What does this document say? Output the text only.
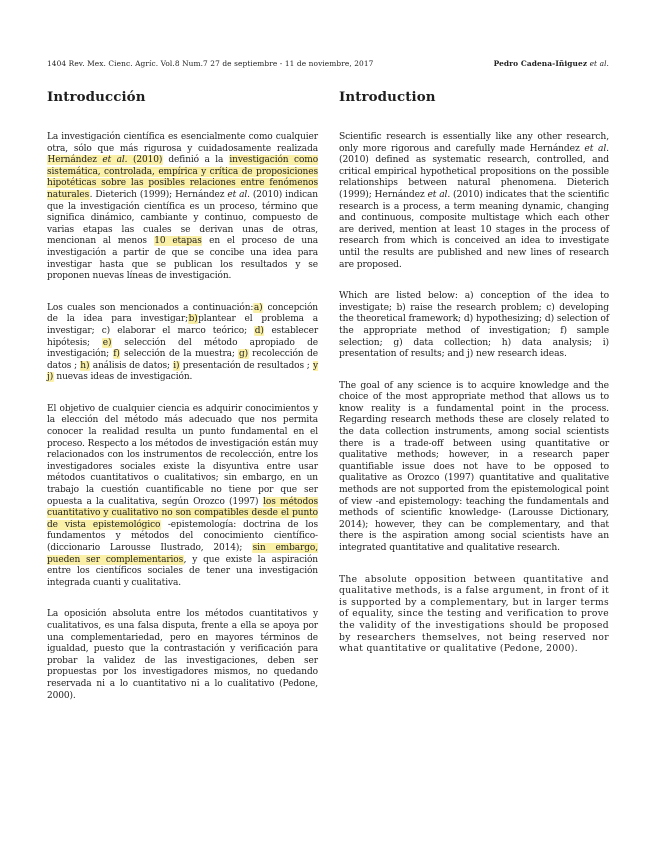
1404 Rev. Mex. Cienc. Agríc. Vol.8 Num.7 27 de septiembre - 11 de noviembre, 2017	Pedro Cadena-Iñiguez et al.
Introducción

La investigación científica es esencialmente como cualquier otra, sólo que más rigurosa y cuidadosamente realizada Hernández et al. (2010) definió a la investigación como sistemática, controlada, empírica y crítica de proposiciones hipotéticas sobre las posibles relaciones entre fenómenos naturales. Dieterich (1999); Hernández et al. (2010) indican que la investigación científica es un proceso, término que significa dinámico, cambiante y continuo, compuesto de varias etapas las cuales se derivan unas de otras, mencionan al menos 10 etapas en el proceso de una investigación a partir de que se concibe una idea para investigar hasta que se publican los resultados y se proponen nuevas líneas de investigación.

Los cuales son mencionados a continuación:a) concepción de la idea para investigar;b)plantear el problema a investigar; c) elaborar el marco teórico; d) establecer hipótesis; e) selección del método apropiado de investigación; f) selección de la muestra; g) recolección de datos ; h) análisis de datos; i) presentación de resultados ; y j) nuevas ideas de investigación.

El objetivo de cualquier ciencia es adquirir conocimientos y la elección del método más adecuado que nos permita conocer la realidad resulta un punto fundamental en el proceso. Respecto a los métodos de investigación están muy relacionados con los instrumentos de recolección, entre los investigadores sociales existe la disyuntiva entre usar métodos cuantitativos o cualitativos; sin embargo, en un trabajo la cuestión cuantificable no tiene por que ser opuesta a la cualitativa, según Orozco (1997) los métodos cuantitativo y cualitativo no son compatibles desde el punto de vista epistemológico -epistemología: doctrina de los fundamentos y métodos del conocimiento científico- (diccionario Larousse Ilustrado, 2014); sin embargo, pueden ser complementarios, y que existe la aspiración entre los científicos sociales de tener una investigación integrada cuanti y cualitativa.

La oposición absoluta entre los métodos cuantitativos y cualitativos, es una falsa disputa, frente a ella se apoya por una complementariedad, pero en mayores términos de igualdad, puesto que la contrastación y verificación para probar la validez de las investigaciones, deben ser propuestas por los investigadores mismos, no quedando reservada ni a lo cuantitativo ni a lo cualitativo (Pedone, 2000).

Introduction

Scientific research is essentially like any other research, only more rigorous and carefully made Hernández et al. (2010) defined as systematic research, controlled, and critical empirical hypothetical propositions on the possible relationships between natural phenomena. Dieterich (1999); Hernández et al. (2010) indicates that the scientific research is a process, a term meaning dynamic, changing and continuous, composite multistage which each other are derived, mention at least 10 stages in the process of research from which is conceived an idea to investigate until the results are published and new lines of research are proposed.

Which are listed below: a) conception of the idea to investigate; b) raise the research problem; c) developing the theoretical framework; d) hypothesizing; d) selection of the appropriate method of investigation; f) sample selection; g) data collection; h) data analysis; i) presentation of results; and j) new research ideas.

The goal of any science is to acquire knowledge and the choice of the most appropriate method that allows us to know reality is a fundamental point in the process. Regarding research methods these are closely related to the data collection instruments, among social scientists there is a trade-off between using quantitative or qualitative methods; however, in a research paper quantifiable issue does not have to be opposed to qualitative as Orozco (1997) quantitative and qualitative methods are not supported from the epistemological point of view -and epistemology: teaching the fundamentals and methods of scientific knowledge- (Larousse Dictionary, 2014); however, they can be complementary, and that there is the aspiration among social scientists have an integrated quantitative and qualitative research.

The absolute opposition between quantitative and qualitative methods, is a false argument, in front of it is supported by a complementary, but in larger terms of equality, since the testing and verification to prove the validity of the investigations should be proposed by researchers themselves, not being reserved nor what quantitative or qualitative (Pedone, 2000).
